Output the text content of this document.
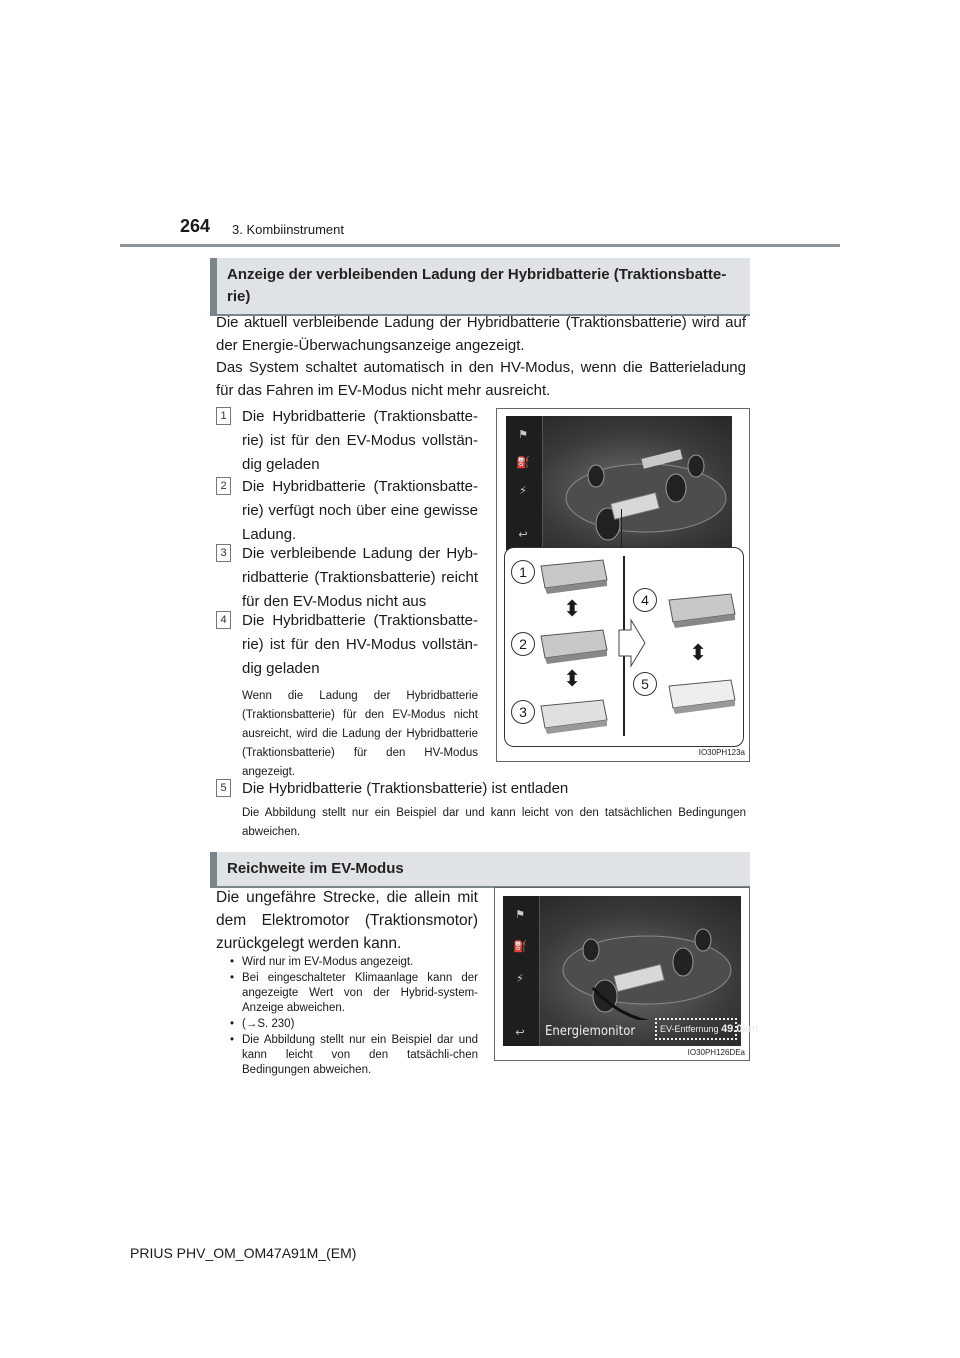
264 3. Kombiinstrument
Anzeige der verbleibenden Ladung der Hybridbatterie (Traktionsbatte-rie)
Die aktuell verbleibende Ladung der Hybridbatterie (Traktionsbatterie) wird auf der Energie-Überwachungsanzeige angezeigt.
Das System schaltet automatisch in den HV-Modus, wenn die Batterieladung für das Fahren im EV-Modus nicht mehr ausreicht.
1 Die Hybridbatterie (Traktionsbatte-rie) ist für den EV-Modus vollstän-dig geladen
2 Die Hybridbatterie (Traktionsbatte-rie) verfügt noch über eine gewisse Ladung.
3 Die verbleibende Ladung der Hyb-ridbatterie (Traktionsbatterie) reicht für den EV-Modus nicht aus
4 Die Hybridbatterie (Traktionsbatte-rie) ist für den HV-Modus vollstän-dig geladen
Wenn die Ladung der Hybridbatterie (Traktionsbatterie) für den EV-Modus nicht ausreicht, wird die Ladung der Hybridbatterie (Traktionsbatterie) für den HV-Modus angezeigt.
⚑
⛽
⚡
↩
⬍
⬍
⬍
1
2
3
4
5
IO30PH123a
5 Die Hybridbatterie (Traktionsbatterie) ist entladen
Die Abbildung stellt nur ein Beispiel dar und kann leicht von den tatsächlichen Bedingungen abweichen.
Reichweite im EV-Modus
Die ungefähre Strecke, die allein mit dem Elektromotor (Traktionsmotor) zurückgelegt werden kann.
• Wird nur im EV-Modus angezeigt.
• Bei eingeschalteter Klimaanlage kann der angezeigte Wert von der Hybrid-system-Anzeige abweichen.
• (→S. 230)
• Die Abbildung stellt nur ein Beispiel dar und kann leicht von den tatsächli-chen Bedingungen abweichen.
⚑
⛽
⚡
↩	Energiemonitor	EV-Entfernung 49.0km
IO30PH126DEa
PRIUS PHV_OM_OM47A91M_(EM)
